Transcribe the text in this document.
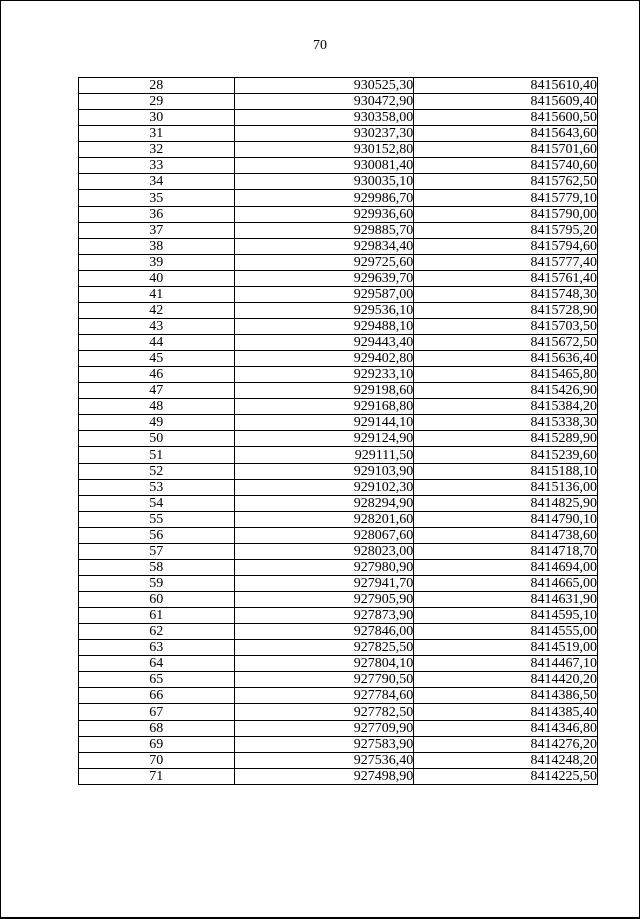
70
28	930525,30	8415610,40
29	930472,90	8415609,40
30	930358,00	8415600,50
31	930237,30	8415643,60
32	930152,80	8415701,60
33	930081,40	8415740,60
34	930035,10	8415762,50
35	929986,70	8415779,10
36	929936,60	8415790,00
37	929885,70	8415795,20
38	929834,40	8415794,60
39	929725,60	8415777,40
40	929639,70	8415761,40
41	929587,00	8415748,30
42	929536,10	8415728,90
43	929488,10	8415703,50
44	929443,40	8415672,50
45	929402,80	8415636,40
46	929233,10	8415465,80
47	929198,60	8415426,90
48	929168,80	8415384,20
49	929144,10	8415338,30
50	929124,90	8415289,90
51	929111,50	8415239,60
52	929103,90	8415188,10
53	929102,30	8415136,00
54	928294,90	8414825,90
55	928201,60	8414790,10
56	928067,60	8414738,60
57	928023,00	8414718,70
58	927980,90	8414694,00
59	927941,70	8414665,00
60	927905,90	8414631,90
61	927873,90	8414595,10
62	927846,00	8414555,00
63	927825,50	8414519,00
64	927804,10	8414467,10
65	927790,50	8414420,20
66	927784,60	8414386,50
67	927782,50	8414385,40
68	927709,90	8414346,80
69	927583,90	8414276,20
70	927536,40	8414248,20
71	927498,90	8414225,50
